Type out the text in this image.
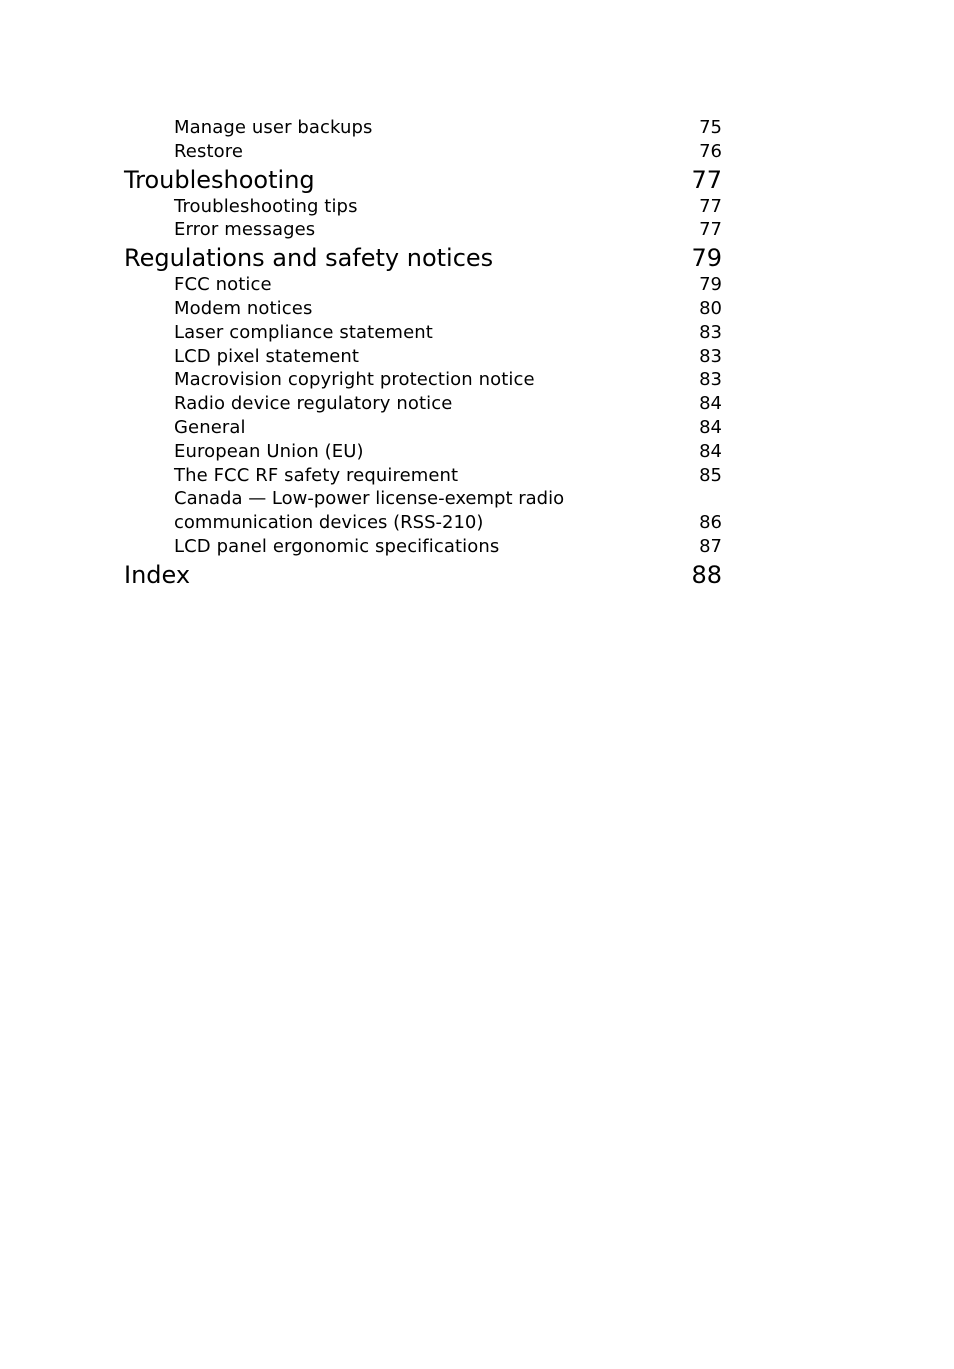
Manage user backups	75
Restore	76
Troubleshooting	77
Troubleshooting tips	77
Error messages	77
Regulations and safety notices	79
FCC notice	79
Modem notices	80
Laser compliance statement	83
LCD pixel statement	83
Macrovision copyright protection notice	83
Radio device regulatory notice	84
General	84
European Union (EU)	84
The FCC RF safety requirement	85
Canada — Low-power license-exempt radio
communication devices (RSS-210)	86
LCD panel ergonomic specifications	87
Index	88
